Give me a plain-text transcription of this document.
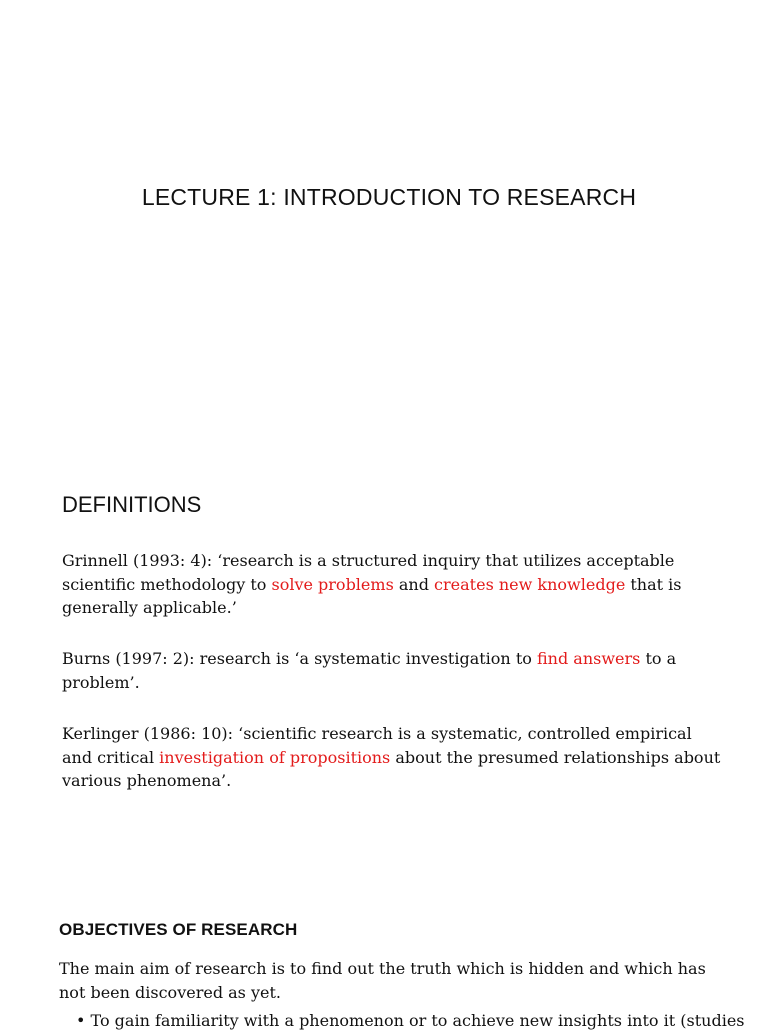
LECTURE 1: INTRODUCTION TO RESEARCH
DEFINITIONS

Grinnell (1993: 4): ‘research is a structured inquiry that utilizes acceptable scientific methodology to solve problems and creates new knowledge that is generally applicable.’

Burns (1997: 2): research is ‘a systematic investigation to find answers to a problem’.

Kerlinger (1986: 10): ‘scientific research is a systematic, controlled empirical and critical investigation of propositions about the presumed relationships about various phenomena’.

OBJECTIVES OF RESEARCH

The main aim of research is to find out the truth which is hidden and which has not been discovered as yet.

• To gain familiarity with a phenomenon or to achieve new insights into it (studies
